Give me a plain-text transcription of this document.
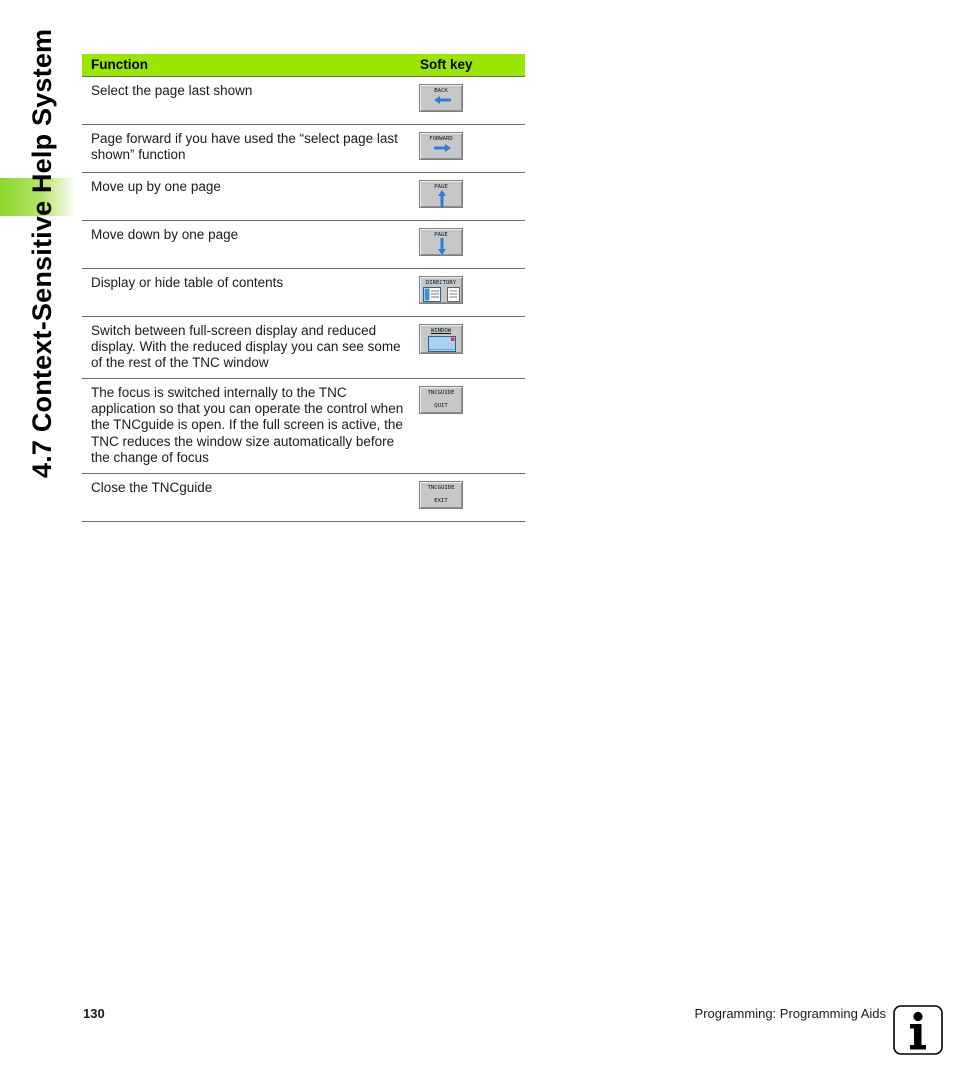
4.7 Context-Sensitive Help System	Function	Soft key
Select the page last shown	BACK

Page forward if you have used the “select page last shown” function	FORWARD

Move up by one page	PAGE

Move down by one page	PAGE

Display or hide table of contents	DIRECTORY

Switch between full-screen display and reduced display. With the reduced display you can see some of the rest of the TNC window	WINDOW

The focus is switched internally to the TNC application so that you can operate the control when the TNCguide is open. If the full screen is active, the TNC reduces the window size automatically before the change of focus	TNCGUIDE
QUIT

Close the TNCguide	TNCGUIDE
EXIT
130	Programming: Programming Aids
